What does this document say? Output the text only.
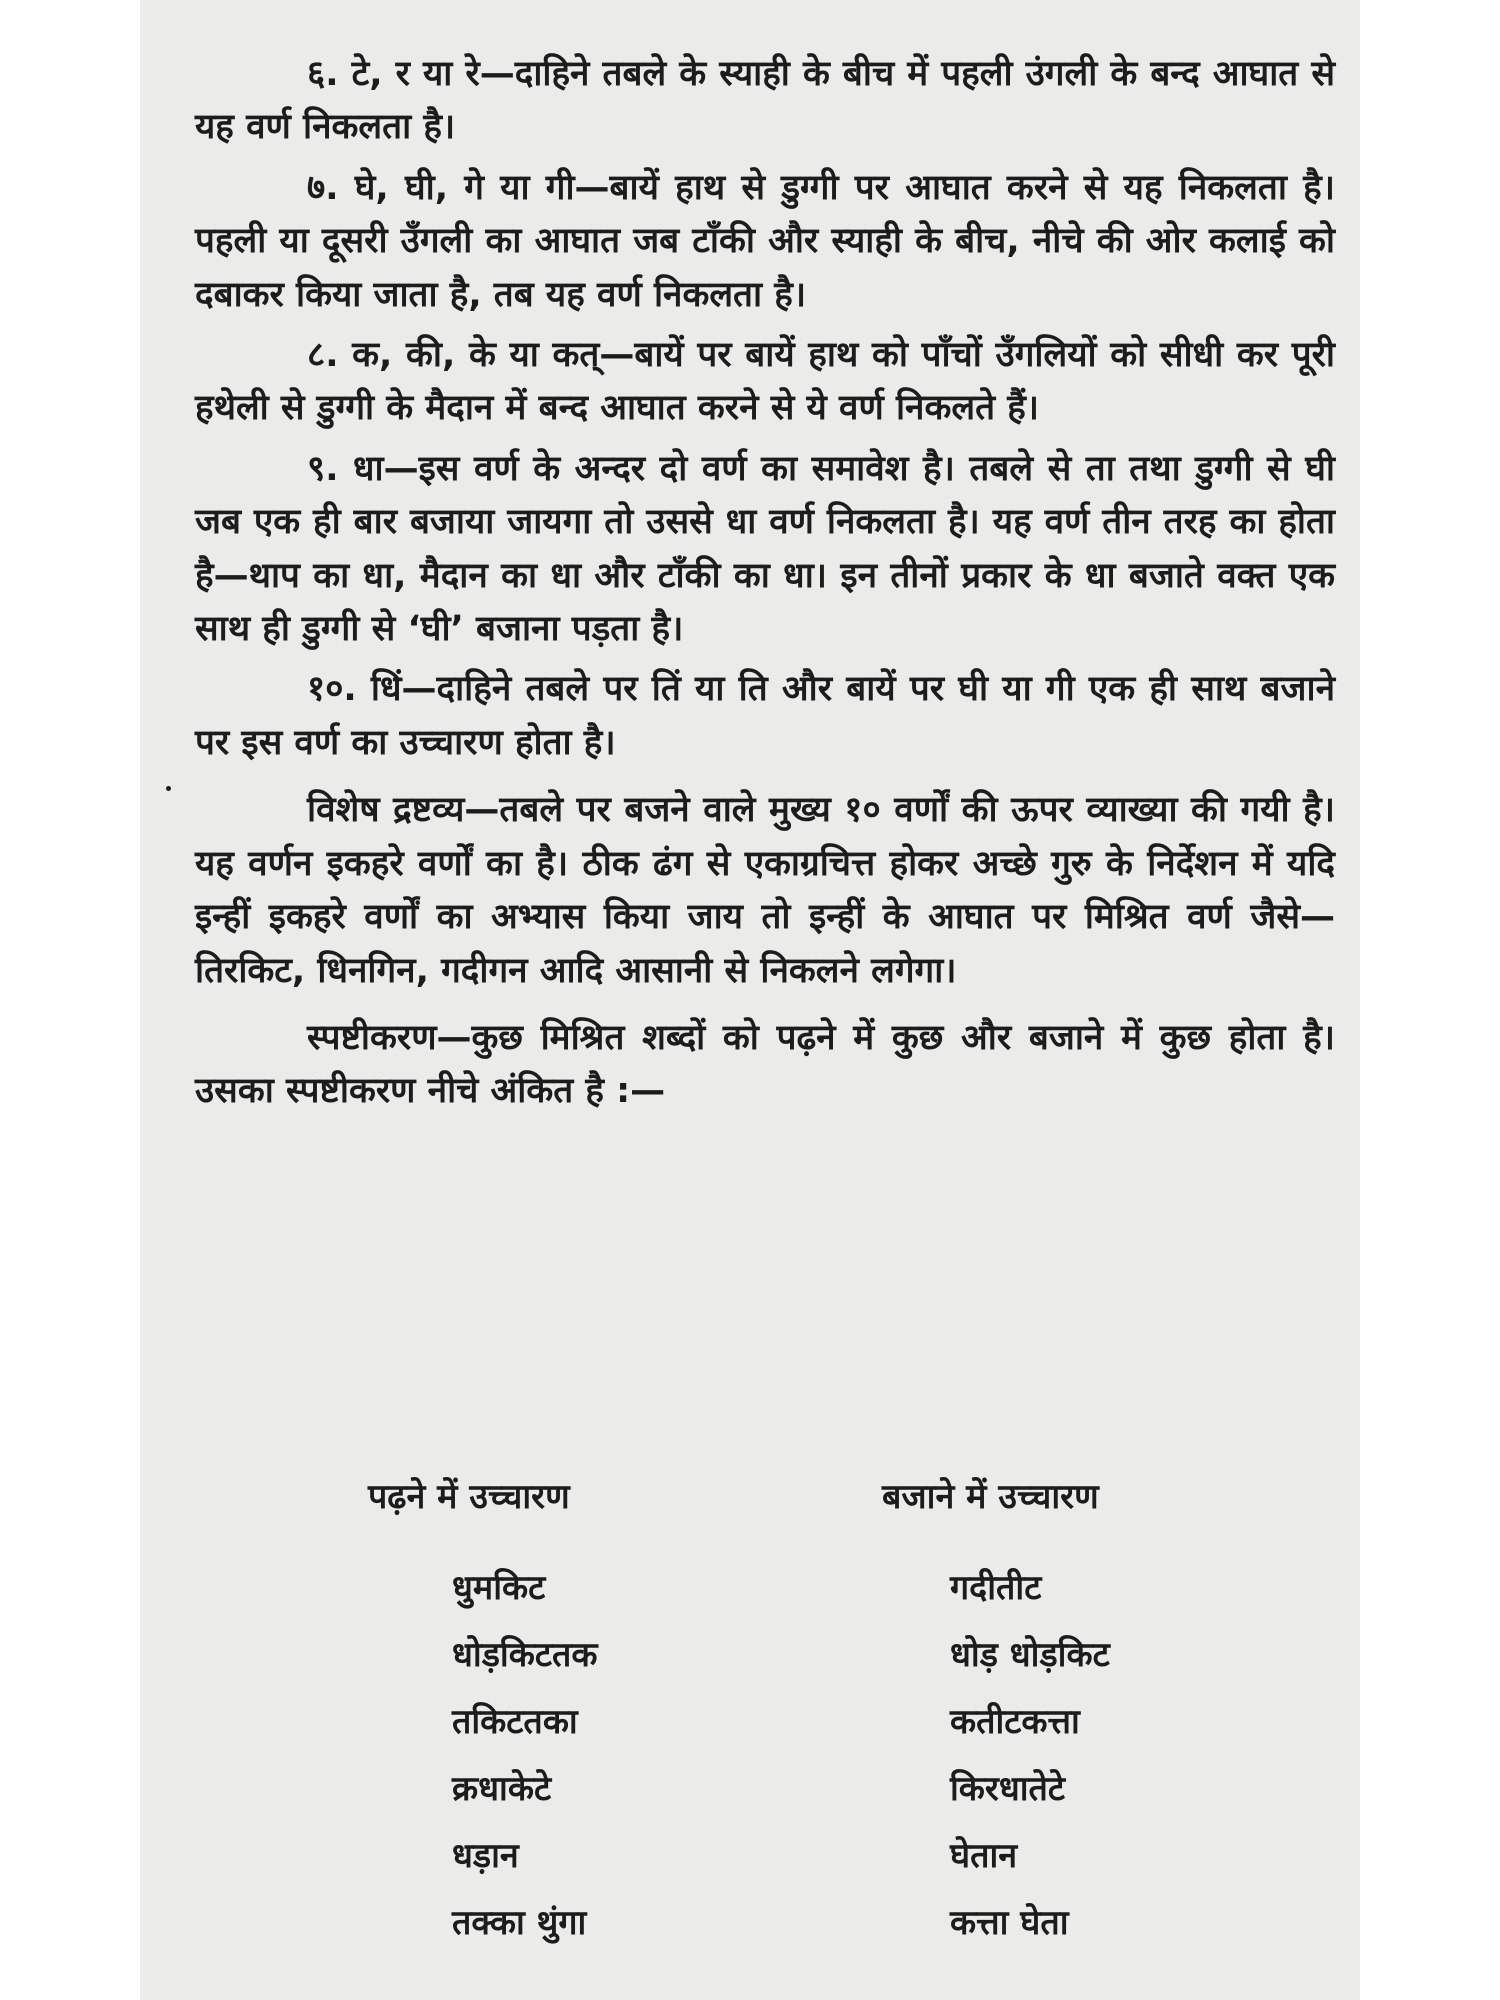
६. टे, र या रे—दाहिने तबले के स्याही के बीच में पहली उंगली के बन्द आघात से यह वर्ण निकलता है।

७. घे, घी, गे या गी—बायें हाथ से डुग्गी पर आघात करने से यह निकलता है। पहली या दूसरी उँगली का आघात जब टाँकी और स्याही के बीच, नीचे की ओर कलाई को दबाकर किया जाता है, तब यह वर्ण निकलता है।

८. क, की, के या कत्—बायें पर बायें हाथ को पाँचों उँगलियों को सीधी कर पूरी हथेली से डुग्गी के मैदान में बन्द आघात करने से ये वर्ण निकलते हैं।

९. धा—इस वर्ण के अन्दर दो वर्ण का समावेश है। तबले से ता तथा डुग्गी से घी जब एक ही बार बजाया जायगा तो उससे धा वर्ण निकलता है। यह वर्ण तीन तरह का होता है—थाप का धा, मैदान का धा और टाँकी का धा। इन तीनों प्रकार के धा बजाते वक्त एक साथ ही डुग्गी से ‘घी’ बजाना पड़ता है।

१०. धिं—दाहिने तबले पर तिं या ति और बायें पर घी या गी एक ही साथ बजाने पर इस वर्ण का उच्चारण होता है।

विशेष द्रष्टव्य—तबले पर बजने वाले मुख्य १० वर्णों की ऊपर व्याख्या की गयी है। यह वर्णन इकहरे वर्णों का है। ठीक ढंग से एकाग्रचित्त होकर अच्छे गुरु के निर्देशन में यदि इन्हीं इकहरे वर्णों का अभ्यास किया जाय तो इन्हीं के आघात पर मिश्रित वर्ण जैसे—तिरकिट, धिनगिन, गदीगन आदि आसानी से निकलने लगेगा।

स्पष्टीकरण—कुछ मिश्रित शब्दों को पढ़ने में कुछ और बजाने में कुछ होता है। उसका स्पष्टीकरण नीचे अंकित है :—

पढ़ने में उच्चारण	बजाने में उच्चारण
धुमकिट	गदीतीट
धोड़किटतक	धोड़ धोड़किट
तकिटतका	कतीटकत्ता
क्रधाकेटे	किरधातेटे
धड़ान	घेतान
तक्का थुंगा	कत्ता घेता
